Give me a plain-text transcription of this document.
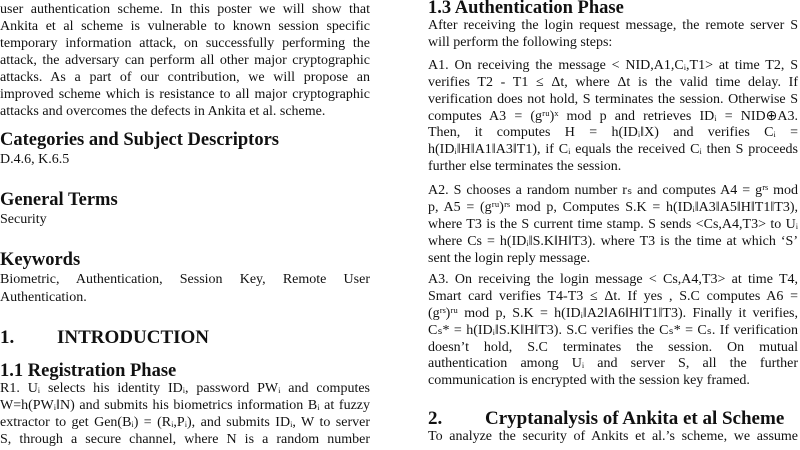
user authentication scheme. In this poster we will show that
Ankita et al scheme is vulnerable to known session specific
temporary information attack, on successfully performing the
attack, the adversary can perform all other major cryptographic
attacks. As a part of our contribution, we will propose an
improved scheme which is resistance to all major cryptographic
attacks and overcomes the defects in Ankita et al. scheme.
Categories and Subject Descriptors
D.4.6, K.6.5
General Terms
Security
Keywords
Biometric, Authentication, Session Key, Remote User
Authentication.
1. INTRODUCTION
1.1 Registration Phase
R1. Uᵢ selects his identity IDᵢ, password PWᵢ and computes
W=h(PWᵢ‖N) and submits his biometrics information Bᵢ at fuzzy
extractor to get Gen(Bᵢ) = (Rᵢ,Pᵢ), and submits IDᵢ, W to server
S, through a secure channel, where N is a random number
1.3 Authentication Phase
After receiving the login request message, the remote server S
will perform the following steps:
A1. On receiving the message < NID,A1,Cᵢ,T1> at time T2, S
verifies T2 - T1 ≤ Δt, where Δt is the valid time delay. If
verification does not hold, S terminates the session. Otherwise S
computes A3 = (gʳᵘ)ˣ mod p and retrieves IDᵢ = NID⊕A3.
Then, it computes H = h(IDᵢ‖X) and verifies Cᵢ =
h(IDᵢ‖H‖A1‖A3‖T1), if Cᵢ equals the received Cᵢ then S proceeds
further else terminates the session.
A2. S chooses a random number rₛ and computes A4 = gʳˢ mod
p, A5 = (gʳᵘ)ʳˢ mod p, Computes S.K = h(IDᵢ‖A3‖A5‖H‖T1‖T3),
where T3 is the S current time stamp. S sends <Cs,A4,T3> to Uᵢ
where Cs = h(IDᵢ‖S.K‖H‖T3). where T3 is the time at which ‘S’
sent the login reply message.
A3. On receiving the login message < Cs,A4,T3> at time T4,
Smart card verifies T4-T3 ≤ Δt. If yes , S.C computes A6 =
(gʳˢ)ʳᵘ mod p, S.K = h(IDᵢ‖A2‖A6‖H‖T1‖T3). Finally it verifies,
Cₛ* = h(IDᵢ‖S.K‖H‖T3). S.C verifies the Cₛ* = Cₛ. If verification
doesn’t hold, S.C terminates the session. On mutual
authentication among Uᵢ and server S, all the further
communication is encrypted with the session key framed.
2. Cryptanalysis of Ankita et al Scheme
To analyze the security of Ankits et al.’s scheme, we assume
